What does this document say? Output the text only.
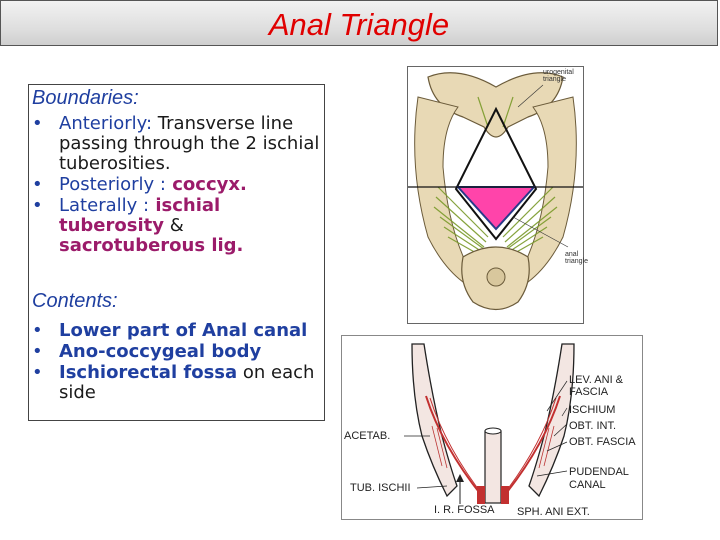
Anal Triangle
Boundaries:
• Anteriorly: Transverse line passing through the 2 ischial tuberosities.
• Posteriorly : coccyx.
• Laterally : ischial tuberosity & sacrotuberous lig.
Contents:
• Lower part of Anal canal
• Ano-coccygeal body
• Ischiorectal fossa on each side
urogenital triangle
anal triangle
LEV. ANI & FASCIA
ISCHIUM
OBT. INT.
OBT. FASCIA
PUDENDAL CANAL
ACETAB.
TUB. ISCHII
I. R. FOSSA SPH. ANI EXT.
